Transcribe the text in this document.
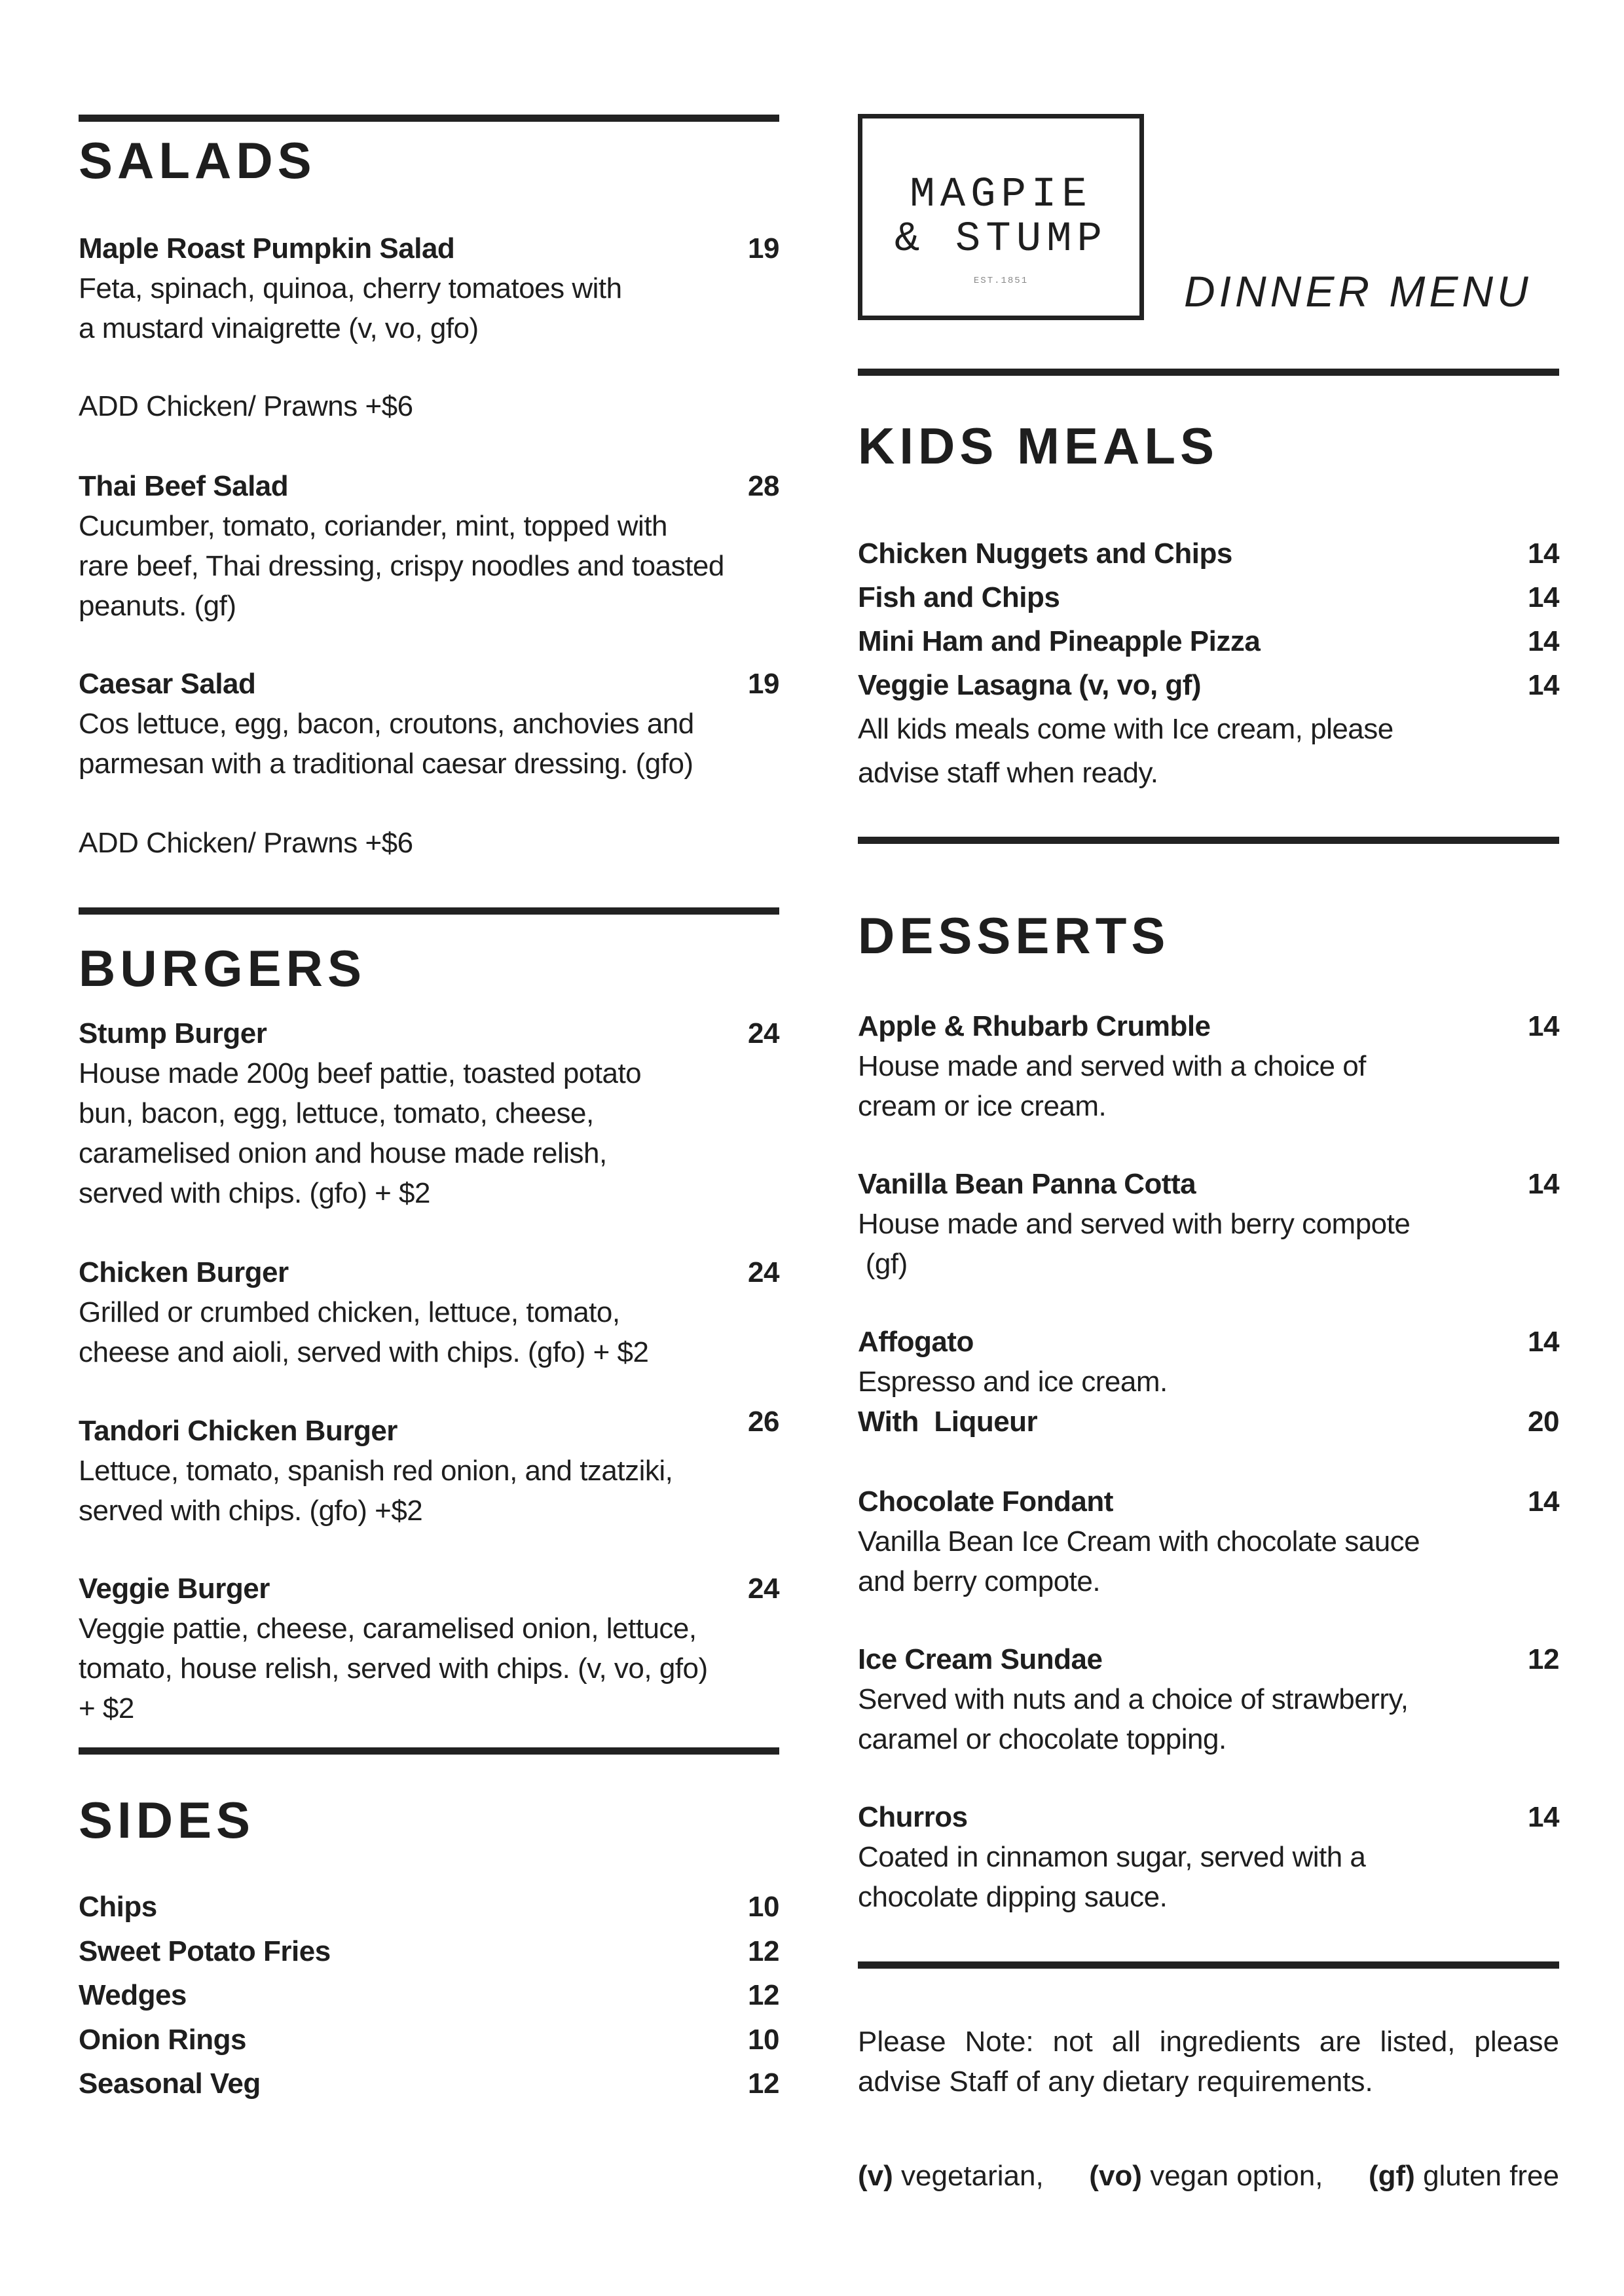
SALADS
Maple Roast Pumpkin Salad	19
Feta, spinach, quinoa, cherry tomatoes with
a mustard vinaigrette (v, vo, gfo)
ADD Chicken/ Prawns +$6
Thai Beef Salad	28
Cucumber, tomato, coriander, mint, topped with
rare beef, Thai dressing, crispy noodles and toasted
peanuts. (gf)
Caesar Salad	19
Cos lettuce, egg, bacon, croutons, anchovies and
parmesan with a traditional caesar dressing. (gfo)
ADD Chicken/ Prawns +$6
BURGERS
Stump Burger	24
House made 200g beef pattie, toasted potato
bun, bacon, egg, lettuce, tomato, cheese,
caramelised onion and house made relish,
served with chips. (gfo) + $2
Chicken Burger	24
Grilled or crumbed chicken, lettuce, tomato,
cheese and aioli, served with chips. (gfo) + $2
Tandori Chicken Burger	26
Lettuce, tomato, spanish red onion, and tzatziki,
served with chips. (gfo) +$2
Veggie Burger	24
Veggie pattie, cheese, caramelised onion, lettuce,
tomato, house relish, served with chips. (v, vo, gfo)
+ $2
SIDES
Chips	10
Sweet Potato Fries	12
Wedges	12
Onion Rings	10
Seasonal Veg	12
MAGPIE
& STUMP
EST.1851	DINNER MENU
KIDS MEALS
Chicken Nuggets and Chips	14
Fish and Chips	14
Mini Ham and Pineapple Pizza	14
Veggie Lasagna (v, vo, gf)	14
All kids meals come with Ice cream, please
advise staff when ready.
DESSERTS
Apple & Rhubarb Crumble	14
House made and served with a choice of
cream or ice cream.
Vanilla Bean Panna Cotta	14
House made and served with berry compote
(gf)
Affogato	14
Espresso and ice cream.
With  Liqueur	20
Chocolate Fondant	14
Vanilla Bean Ice Cream with chocolate sauce
and berry compote.
Ice Cream Sundae	12
Served with nuts and a choice of strawberry,
caramel or chocolate topping.
Churros	14
Coated in cinnamon sugar, served with a
chocolate dipping sauce.
Please Note: not all ingredients are listed, please
advise Staff of any dietary requirements.
(v) vegetarian, (vo) vegan option, (gf) gluten free
